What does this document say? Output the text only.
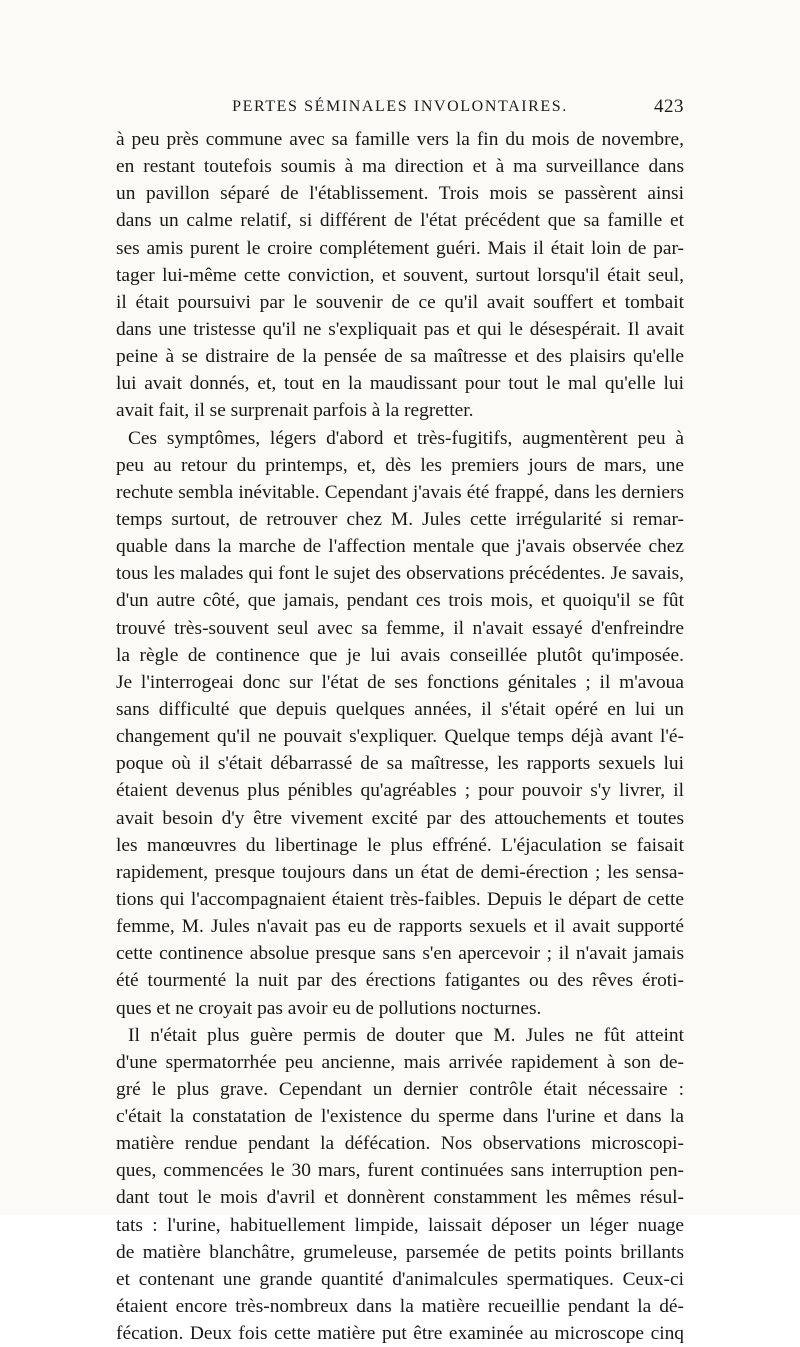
PERTES SÉMINALES INVOLONTAIRES.	423
à peu près commune avec sa famille vers la fin du mois de novembre,
en restant toutefois soumis à ma direction et à ma surveillance dans
un pavillon séparé de l'établissement. Trois mois se passèrent ainsi
dans un calme relatif, si différent de l'état précédent que sa famille et
ses amis purent le croire complétement guéri. Mais il était loin de par-
tager lui-même cette conviction, et souvent, surtout lorsqu'il était seul,
il était poursuivi par le souvenir de ce qu'il avait souffert et tombait
dans une tristesse qu'il ne s'expliquait pas et qui le désespérait. Il avait
peine à se distraire de la pensée de sa maîtresse et des plaisirs qu'elle
lui avait donnés, et, tout en la maudissant pour tout le mal qu'elle lui
avait fait, il se surprenait parfois à la regretter.
Ces symptômes, légers d'abord et très-fugitifs, augmentèrent peu à
peu au retour du printemps, et, dès les premiers jours de mars, une
rechute sembla inévitable. Cependant j'avais été frappé, dans les derniers
temps surtout, de retrouver chez M. Jules cette irrégularité si remar-
quable dans la marche de l'affection mentale que j'avais observée chez
tous les malades qui font le sujet des observations précédentes. Je savais,
d'un autre côté, que jamais, pendant ces trois mois, et quoiqu'il se fût
trouvé très-souvent seul avec sa femme, il n'avait essayé d'enfreindre
la règle de continence que je lui avais conseillée plutôt qu'imposée.
Je l'interrogeai donc sur l'état de ses fonctions génitales ; il m'avoua
sans difficulté que depuis quelques années, il s'était opéré en lui un
changement qu'il ne pouvait s'expliquer. Quelque temps déjà avant l'é-
poque où il s'était débarrassé de sa maîtresse, les rapports sexuels lui
étaient devenus plus pénibles qu'agréables ; pour pouvoir s'y livrer, il
avait besoin d'y être vivement excité par des attouchements et toutes
les manœuvres du libertinage le plus effréné. L'éjaculation se faisait
rapidement, presque toujours dans un état de demi-érection ; les sensa-
tions qui l'accompagnaient étaient très-faibles. Depuis le départ de cette
femme, M. Jules n'avait pas eu de rapports sexuels et il avait supporté
cette continence absolue presque sans s'en apercevoir ; il n'avait jamais
été tourmenté la nuit par des érections fatigantes ou des rêves éroti-
ques et ne croyait pas avoir eu de pollutions nocturnes.
Il n'était plus guère permis de douter que M. Jules ne fût atteint
d'une spermatorrhée peu ancienne, mais arrivée rapidement à son de-
gré le plus grave. Cependant un dernier contrôle était nécessaire :
c'était la constatation de l'existence du sperme dans l'urine et dans la
matière rendue pendant la défécation. Nos observations microscopi-
ques, commencées le 30 mars, furent continuées sans interruption pen-
dant tout le mois d'avril et donnèrent constamment les mêmes résul-
tats : l'urine, habituellement limpide, laissait déposer un léger nuage
de matière blanchâtre, grumeleuse, parsemée de petits points brillants
et contenant une grande quantité d'animalcules spermatiques. Ceux-ci
étaient encore très-nombreux dans la matière recueillie pendant la dé-
fécation. Deux fois cette matière put être examinée au microscope cinq
